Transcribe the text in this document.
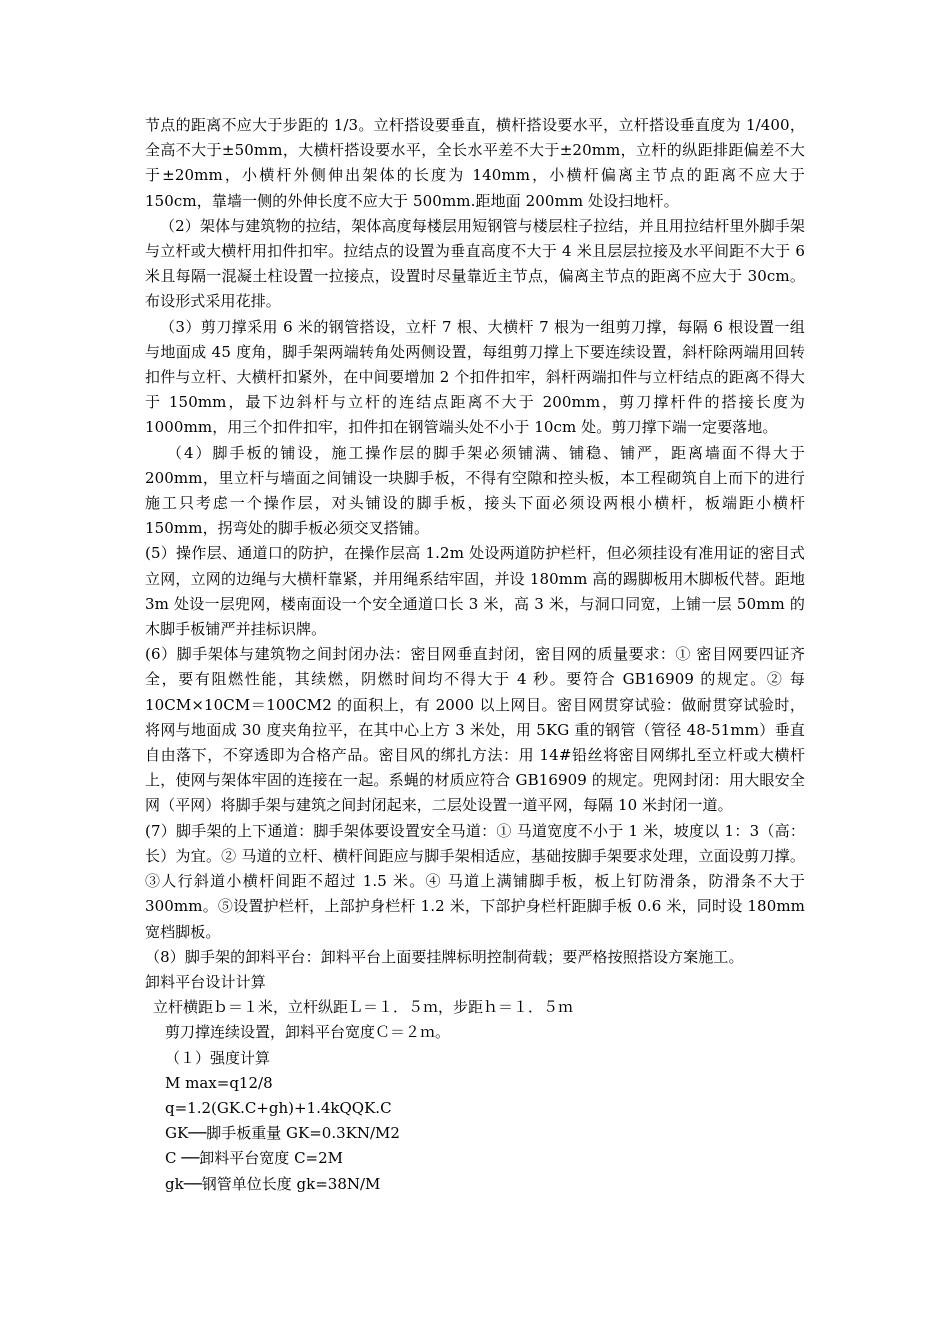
节点的距离不应大于步距的 1/3。立杆搭设要垂直，横杆搭设要水平，立杆搭设垂直度为 1/400，全高不大于±50mm，大横杆搭设要水平，全长水平差不大于±20mm，立杆的纵距排距偏差不大于±20mm，小横杆外侧伸出架体的长度为 140mm，小横杆偏离主节点的距离不应大于 150cm，靠墙一侧的外伸长度不应大于 500mm.距地面 200mm 处设扫地杆。

（2）架体与建筑物的拉结，架体高度每楼层用短钢管与楼层柱子拉结，并且用拉结杆里外脚手架与立杆或大横杆用扣件扣牢。拉结点的设置为垂直高度不大于 4 米且层层拉接及水平间距不大于 6 米且每隔一混凝土柱设置一拉接点，设置时尽量靠近主节点，偏离主节点的距离不应大于 30cm。布设形式采用花排。

（3）剪刀撑采用 6 米的钢管搭设，立杆 7 根、大横杆 7 根为一组剪刀撑，每隔 6 根设置一组与地面成 45 度角，脚手架两端转角处两侧设置，每组剪刀撑上下要连续设置，斜杆除两端用回转扣件与立杆、大横杆扣紧外，在中间要增加 2 个扣件扣牢，斜杆两端扣件与立杆结点的距离不得大于 150mm，最下边斜杆与立杆的连结点距离不大于 200mm，剪刀撑杆件的搭接长度为 1000mm，用三个扣件扣牢，扣件扣在钢管端头处不小于 10cm 处。剪刀撑下端一定要落地。

（4）脚手板的铺设，施工操作层的脚手架必须铺满、铺稳、铺严，距离墙面不得大于 200mm，里立杆与墙面之间铺设一块脚手板，不得有空隙和控头板，本工程砌筑自上而下的进行施工只考虑一个操作层，对头铺设的脚手板，接头下面必须设两根小横杆，板端距小横杆 150mm，拐弯处的脚手板必须交叉搭铺。

(5）操作层、通道口的防护，在操作层高 1.2m 处设两道防护栏杆，但必须挂设有准用证的密目式立网，立网的边绳与大横杆靠紧，并用绳系结牢固，并设 180mm 高的踢脚板用木脚板代替。距地 3m 处设一层兜网，楼南面设一个安全通道口长 3 米，高 3 米，与洞口同宽，上铺一层 50mm 的木脚手板铺严并挂标识牌。

(6）脚手架体与建筑物之间封闭办法：密目网垂直封闭，密目网的质量要求：① 密目网要四证齐全，要有阻燃性能，其续燃，阴燃时间均不得大于 4 秒。要符合 GB16909 的规定。② 每 10CM×10CM＝100CM2 的面积上，有 2000 以上网目。密目网贯穿试验：做耐贯穿试验时，将网与地面成 30 度夹角拉平，在其中心上方 3 米处，用 5KG 重的钢管（管径 48-51mm）垂直自由落下，不穿透即为合格产品。密目风的绑扎方法：用 14#铅丝将密目网绑扎至立杆或大横杆上，使网与架体牢固的连接在一起。系蝇的材质应符合 GB16909 的规定。兜网封闭：用大眼安全网（平网）将脚手架与建筑之间封闭起来，二层处设置一道平网，每隔 10 米封闭一道。

(7）脚手架的上下通道：脚手架体要设置安全马道：① 马道宽度不小于 1 米，坡度以 1：3（高：长）为宜。② 马道的立杆、横杆间距应与脚手架相适应，基础按脚手架要求处理，立面设剪刀撑。③人行斜道小横杆间距不超过 1.5 米。④ 马道上满铺脚手板，板上钉防滑条，防滑条不大于 300mm。⑤设置护栏杆，上部护身栏杆 1.2 米，下部护身栏杆距脚手板 0.6 米，同时设 180mm 宽档脚板。

（8）脚手架的卸料平台：卸料平台上面要挂牌标明控制荷载；要严格按照搭设方案施工。

卸料平台设计计算

立杆横距ｂ＝１米，立杆纵距Ｌ＝１．５ｍ，步距ｈ＝１．５ｍ

剪刀撑连续设置，卸料平台宽度Ｃ＝２ｍ。

（１）强度计算

M max=q12/8

q=1.2(GK.C+gh)+1.4kQQK.C

GK──脚手板重量 GK=0.3KN/M2

C ──卸料平台宽度 C=2M

gk──钢管单位长度 gk=38N/M
